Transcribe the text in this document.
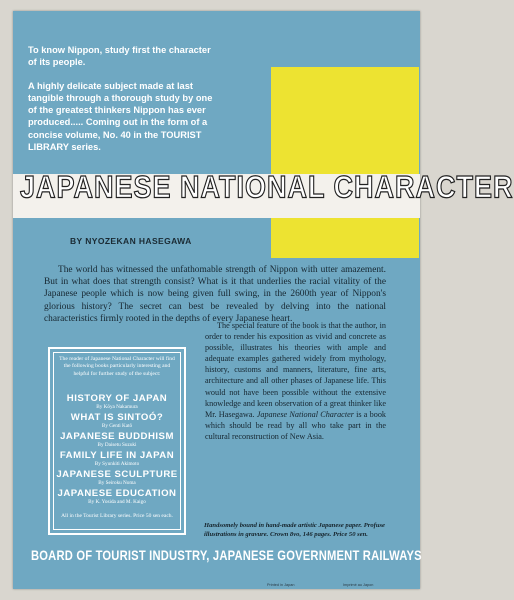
To know Nippon, study first the character of its people.

A highly delicate subject made at last tangible through a thorough study by one of the greatest thinkers Nippon has ever produced..... Coming out in the form of a concise volume, No. 40 in the TOURIST LIBRARY series.

JAPANESE NATIONAL CHARACTER
BY NYOZEKAN HASEGAWA

The world has witnessed the unfathomable strength of Nippon with utter amazement. But in what does that strength consist? What is it that underlies the racial vitality of the Japanese people which is now being given full swing, in the 2600th year of Nippon's glorious history? The secret can best be revealed by delving into the national characteristics firmly rooted in the depths of every Japanese heart.

The special feature of the book is that the author, in order to render his exposition as vivid and concrete as possible, illustrates his theories with ample and adequate examples gathered widely from mythology, history, customs and manners, literature, fine arts, architecture and all other phases of Japanese life. This would not have been possible without the extensive knowledge and keen observation of a great thinker like Mr. Hasegawa. Japanese National Character is a book which should be read by all who take part in the cultural reconstruction of New Asia.

The reader of Japanese National Character will find the following books particularly interesting and helpful for further study of the subject:
HISTORY OF JAPAN
By Kōya Nakamura
WHAT IS SINTOÓ?
By Genti Katô
JAPANESE BUDDHISM
By Daisetu Suzuki
FAMILY LIFE IN JAPAN
By Syunkiti Akimoto
JAPANESE SCULPTURE
By Seiroku Noma
JAPANESE EDUCATION
By K. Yosida and M. Kaigo
All in the Tourist Library series. Price 50 sen each.
Handsomely bound in hand-made artistic Japanese paper. Profuse illustrations in gravure. Crown 8vo, 146 pages. Price 50 sen.
BOARD OF TOURIST INDUSTRY, JAPANESE GOVERNMENT RAILWAYS
Printed in Japan	Imprimé au Japon
